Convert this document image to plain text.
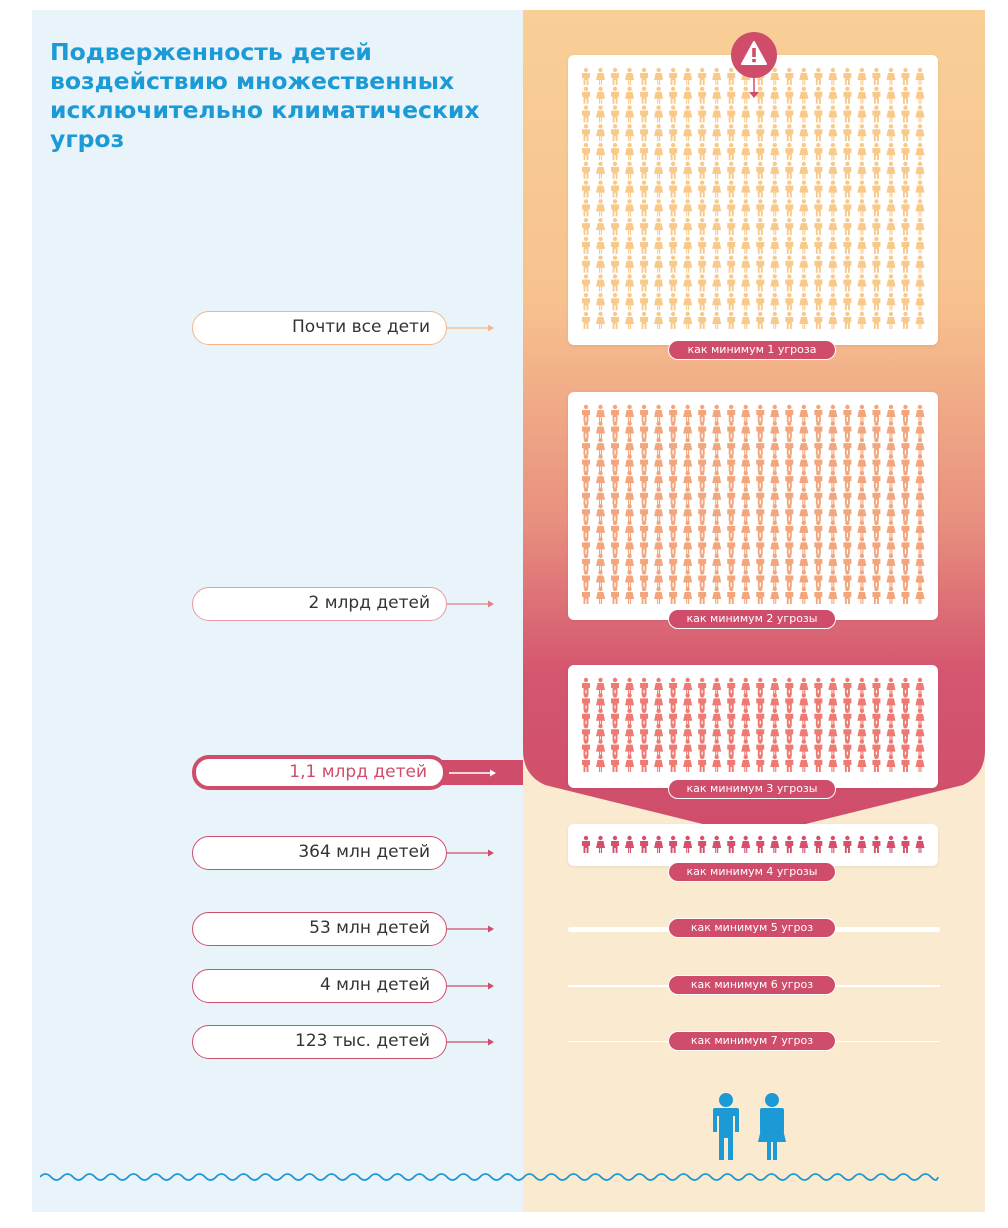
Подверженность детей воздействию множественных исключительно климатических угроз
как минимум 1 угроза
как минимум 2 угрозы
как минимум 3 угрозы
как минимум 4 угрозы
как минимум 5 угроз
как минимум 6 угроз
как минимум 7 угроз
Почти все дети
2 млрд детей
1,1 млрд детей
364 млн детей
53 млн детей
4 млн детей
123 тыс. детей
